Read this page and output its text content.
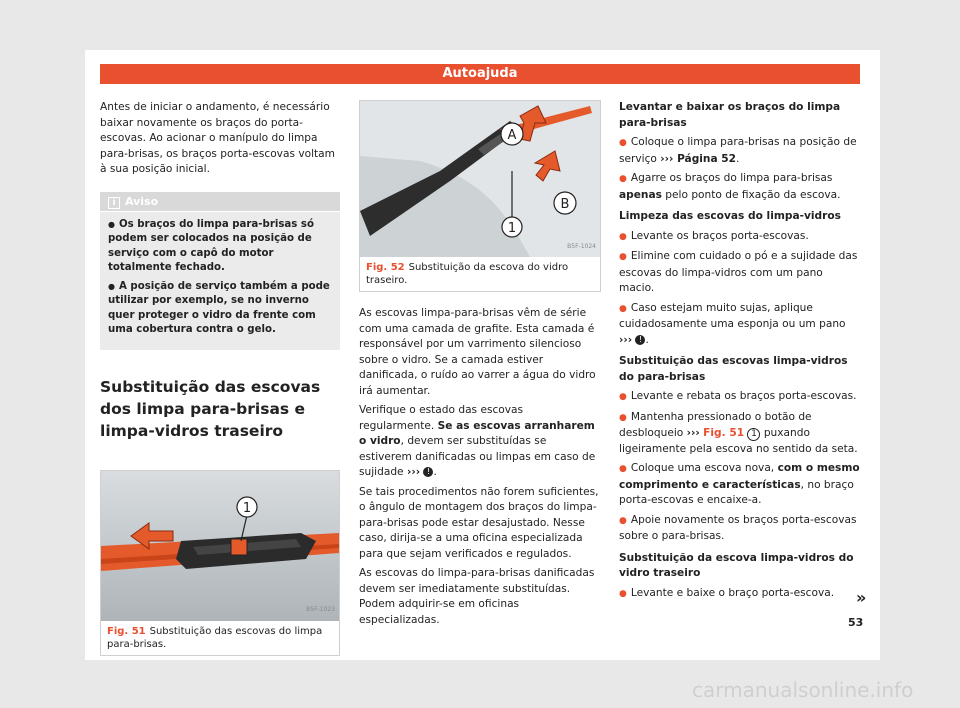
Autoajuda

Antes de iniciar o andamento, é necessário baixar novamente os braços do porta-escovas. Ao acionar o manípulo do limpa para-brisas, os braços porta-escovas voltam à sua posição inicial.

i Aviso

● Os braços do limpa para-brisas só podem ser colocados na posição de serviço com o capô do motor totalmente fechado.

● A posição de serviço também a pode utilizar por exemplo, se no inverno quer proteger o vidro da frente com uma cobertura contra o gelo.

Substituição das escovas dos limpa para-brisas e limpa-vidros traseiro
1
B5F-1023
Fig. 51 Substituição das escovas do limpa para-brisas.
A
B
1
B5F-1024
Fig. 52 Substituição da escova do vidro traseiro.

As escovas limpa-para-brisas vêm de série com uma camada de grafite. Esta camada é responsável por um varrimento silencioso sobre o vidro. Se a camada estiver danificada, o ruído ao varrer a água do vidro irá aumentar.

Verifique o estado das escovas regularmente. Se as escovas arranharem o vidro, devem ser substituídas se estiverem danificadas ou limpas em caso de sujidade ››› ! .

Se tais procedimentos não forem suficientes, o ângulo de montagem dos braços do limpa-para-brisas pode estar desajustado. Nesse caso, dirija-se a uma oficina especializada para que sejam verificados e regulados.

As escovas do limpa-para-brisas danificadas devem ser imediatamente substituídas. Podem adquirir-se em oficinas especializadas.

Levantar e baixar os braços do limpa para-brisas

● Coloque o limpa para-brisas na posição de serviço ››› Página 52.

● Agarre os braços do limpa para-brisas apenas pelo ponto de fixação da escova.

Limpeza das escovas do limpa-vidros

● Levante os braços porta-escovas.

● Elimine com cuidado o pó e a sujidade das escovas do limpa-vidros com um pano macio.

● Caso estejam muito sujas, aplique cuidadosamente uma esponja ou um pano ››› ! .

Substituição das escovas limpa-vidros do para-brisas

● Levante e rebata os braços porta-escovas.

● Mantenha pressionado o botão de desbloqueio ››› Fig. 51 1 puxando ligeiramente pela escova no sentido da seta.

● Coloque uma escova nova, com o mesmo comprimento e características, no braço porta-escovas e encaixe-a.

● Apoie novamente os braços porta-escovas sobre o para-brisas.

Substituição da escova limpa-vidros do vidro traseiro

● Levante e baixe o braço porta-escova.	»
53
carmanualsonline.info
